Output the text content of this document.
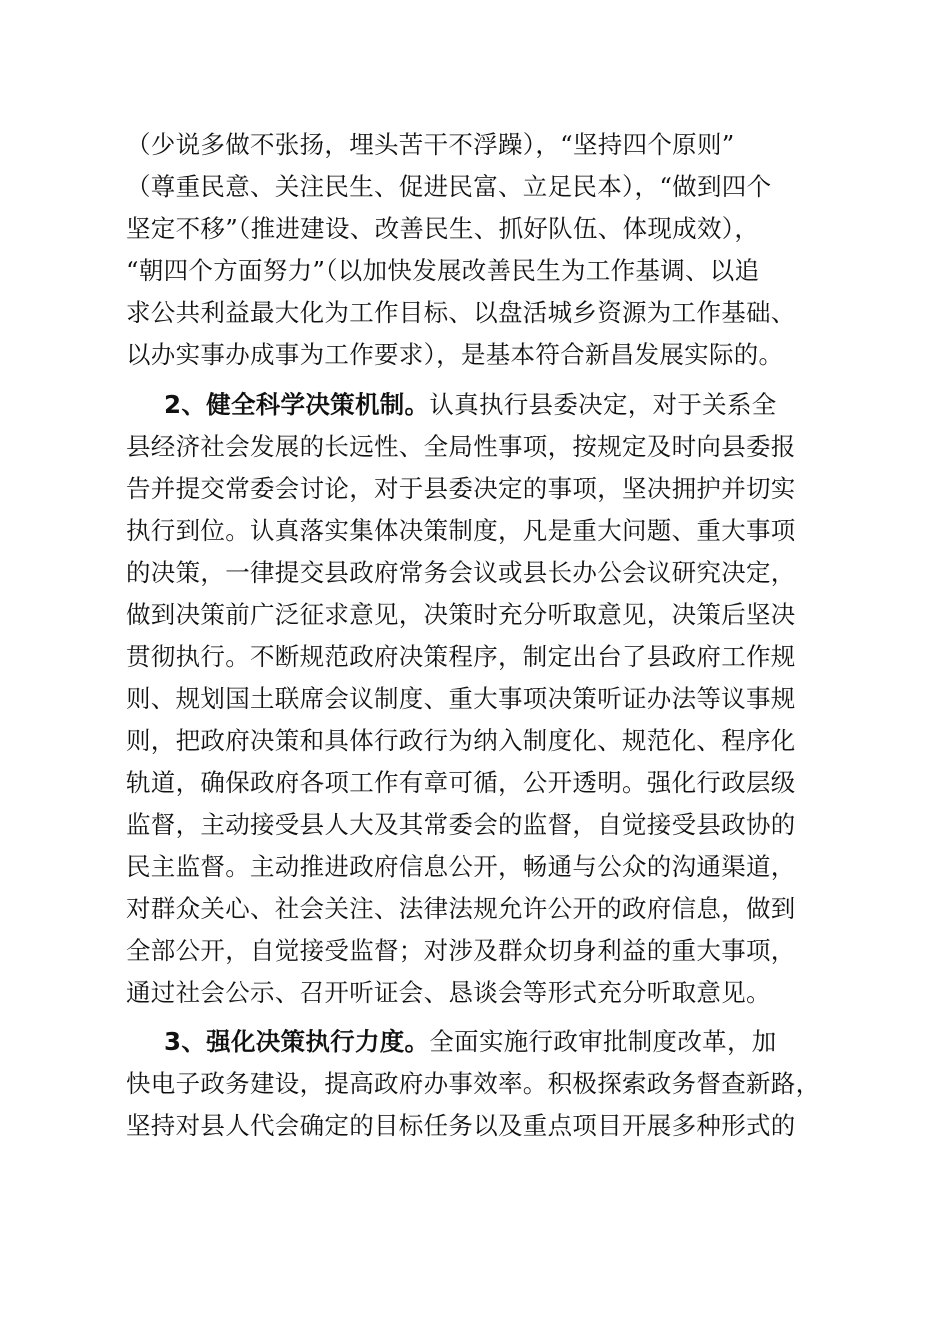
（少说多做不张扬，埋头苦干不浮躁），“坚持四个原则”
（尊重民意、关注民生、促进民富、立足民本），“做到四个
坚定不移”（推进建设、改善民生、抓好队伍、体现成效），
“朝四个方面努力”（以加快发展改善民生为工作基调、以追
求公共利益最大化为工作目标、以盘活城乡资源为工作基础、
以办实事办成事为工作要求），是基本符合新昌发展实际的。
2、健全科学决策机制。认真执行县委决定，对于关系全
县经济社会发展的长远性、全局性事项，按规定及时向县委报
告并提交常委会讨论，对于县委决定的事项，坚决拥护并切实
执行到位。认真落实集体决策制度，凡是重大问题、重大事项
的决策，一律提交县政府常务会议或县长办公会议研究决定，
做到决策前广泛征求意见，决策时充分听取意见，决策后坚决
贯彻执行。不断规范政府决策程序，制定出台了县政府工作规
则、规划国土联席会议制度、重大事项决策听证办法等议事规
则，把政府决策和具体行政行为纳入制度化、规范化、程序化
轨道，确保政府各项工作有章可循，公开透明。强化行政层级
监督，主动接受县人大及其常委会的监督，自觉接受县政协的
民主监督。主动推进政府信息公开，畅通与公众的沟通渠道，
对群众关心、社会关注、法律法规允许公开的政府信息，做到
全部公开，自觉接受监督；对涉及群众切身利益的重大事项，
通过社会公示、召开听证会、恳谈会等形式充分听取意见。
3、强化决策执行力度。全面实施行政审批制度改革，加
快电子政务建设，提高政府办事效率。积极探索政务督查新路，
坚持对县人代会确定的目标任务以及重点项目开展多种形式的
